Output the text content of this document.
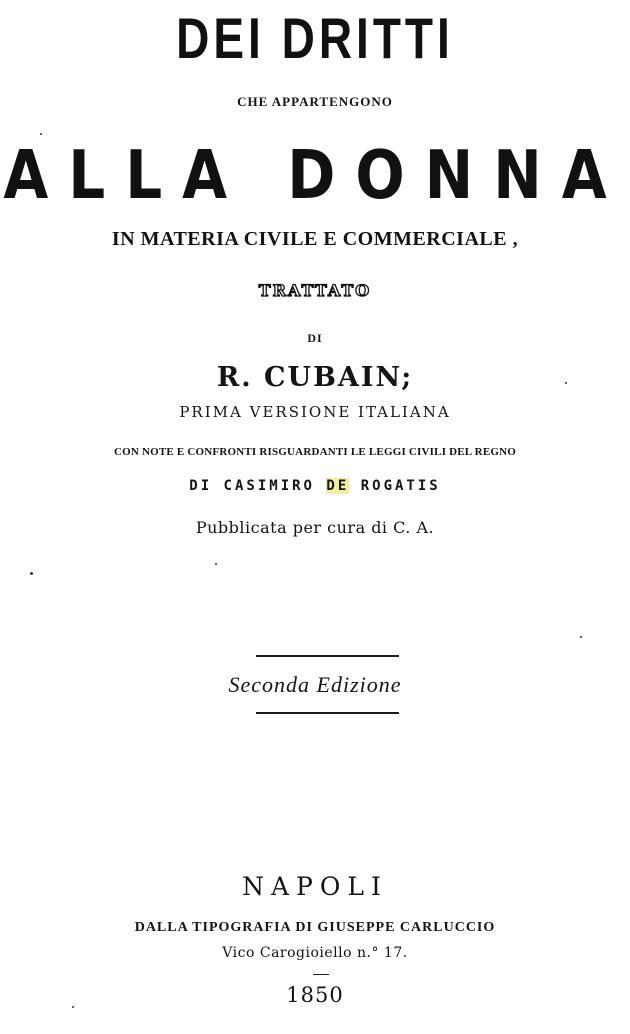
DEI DRITTI

CHE APPARTENGONO

ALLA DONNA

IN MATERIA CIVILE E COMMERCIALE ,

TRATTATO

DI

R. CUBAIN;

PRIMA VERSIONE ITALIANA

CON NOTE E CONFRONTI RISGUARDANTI LE LEGGI CIVILI DEL REGNO

DI CASIMIRO DE ROGATIS

Pubblicata per cura di C. A.

Seconda Edizione

NAPOLI

DALLA TIPOGRAFIA DI GIUSEPPE CARLUCCIO

Vico Carogioiello n.° 17.

1850
